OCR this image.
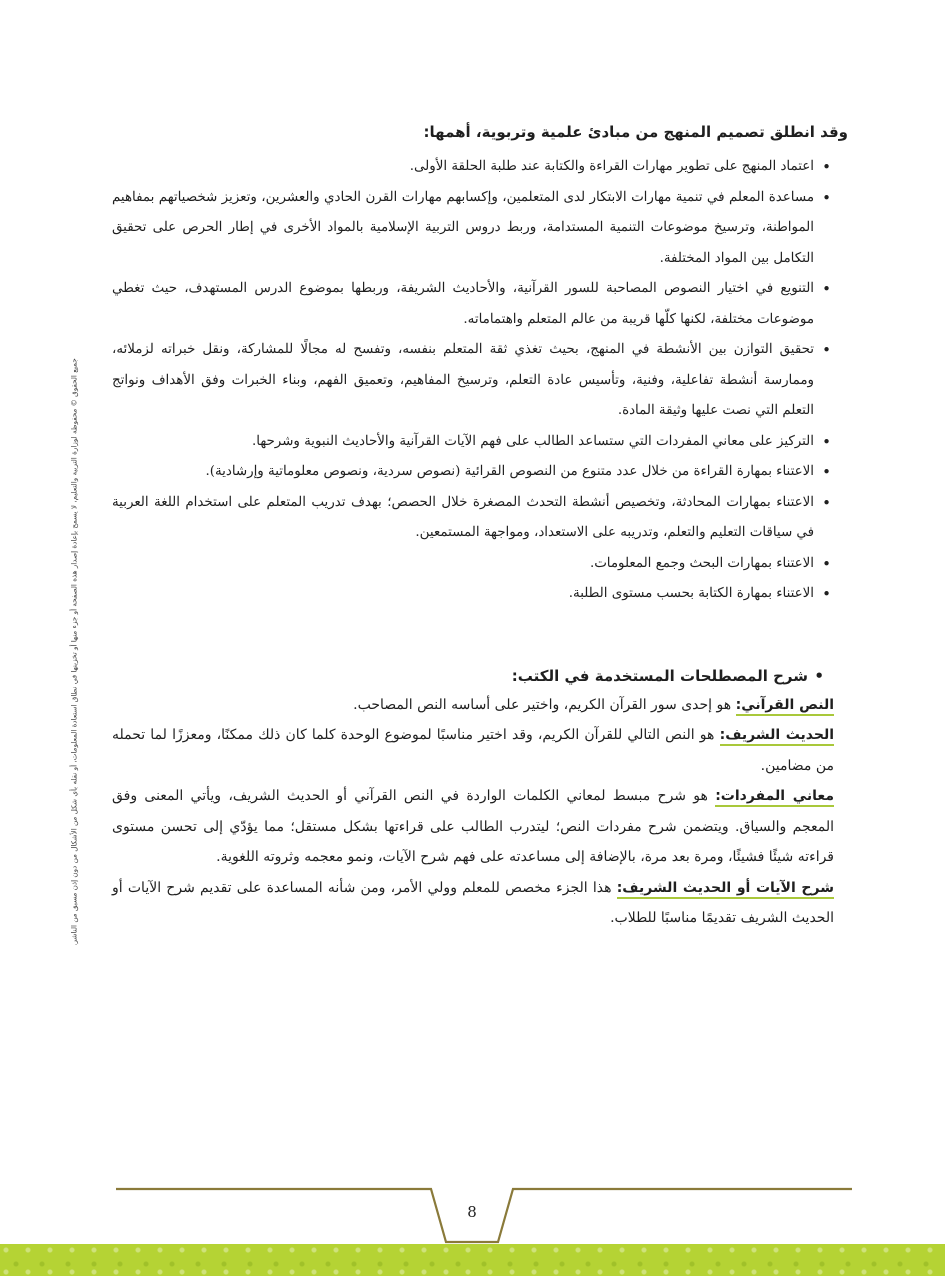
جميع الحقوق © محفوظة لوزارة التربية والتعليم، لا يسمح بإعادة إصدار هذه الصفحة أو جزء منها أو تخزينها في نطاق استعادة المعلومات، أو نقله بأي شكل من الأشكال من دون إذن مسبق من الناشر.
وقد انطلق تصميم المنهج من مبادئ علمية وتربوية، أهمها:
• اعتماد المنهج على تطوير مهارات القراءة والكتابة عند طلبة الحلقة الأولى.
• مساعدة المعلم في تنمية مهارات الابتكار لدى المتعلمين، وإكسابهم مهارات القرن الحادي والعشرين، وتعزيز شخصياتهم بمفاهيم المواطنة، وترسيخ موضوعات التنمية المستدامة، وربط دروس التربية الإسلامية بالمواد الأخرى في إطار الحرص على تحقيق التكامل بين المواد المختلفة.
• التنويع في اختيار النصوص المصاحبة للسور القرآنية، والأحاديث الشريفة، وربطها بموضوع الدرس المستهدف، حيث تغطي موضوعات مختلفة، لكنها كلّها قريبة من عالم المتعلم واهتماماته.
• تحقيق التوازن بين الأنشطة في المنهج، بحيث تغذي ثقة المتعلم بنفسه، وتفسح له مجالًا للمشاركة، ونقل خبراته لزملائه، وممارسة أنشطة تفاعلية، وفنية، وتأسيس عادة التعلم، وترسيخ المفاهيم، وتعميق الفهم، وبناء الخبرات وفق الأهداف ونواتج التعلم التي نصت عليها وثيقة المادة.
• التركيز على معاني المفردات التي ستساعد الطالب على فهم الآيات القرآنية والأحاديث النبوية وشرحها.
• الاعتناء بمهارة القراءة من خلال عدد متنوع من النصوص القرائية (نصوص سردية، ونصوص معلوماتية وإرشادية).
• الاعتناء بمهارات المحادثة، وتخصيص أنشطة التحدث المصغرة خلال الحصص؛ بهدف تدريب المتعلم على استخدام اللغة العربية في سياقات التعليم والتعلم، وتدريبه على الاستعداد، ومواجهة المستمعين.
• الاعتناء بمهارات البحث وجمع المعلومات.
• الاعتناء بمهارة الكتابة بحسب مستوى الطلبة.
• شرح المصطلحات المستخدمة في الكتب:

النص القرآني: هو إحدى سور القرآن الكريم، واختير على أساسه النص المصاحب.

الحديث الشريف: هو النص التالي للقرآن الكريم، وقد اختير مناسبًا لموضوع الوحدة كلما كان ذلك ممكنًا، ومعززًا لما تحمله من مضامين.

معاني المفردات: هو شرح مبسط لمعاني الكلمات الواردة في النص القرآني أو الحديث الشريف، ويأتي المعنى وفق المعجم والسياق. ويتضمن شرح مفردات النص؛ ليتدرب الطالب على قراءتها بشكل مستقل؛ مما يؤدّي إلى تحسن مستوى قراءته شيئًا فشيئًا، ومرة بعد مرة، بالإضافة إلى مساعدته على فهم شرح الآيات، ونمو معجمه وثروته اللغوية.

شرح الآيات أو الحديث الشريف: هذا الجزء مخصص للمعلم وولي الأمر، ومن شأنه المساعدة على تقديم شرح الآيات أو الحديث الشريف تقديمًا مناسبًا للطلاب.

8
